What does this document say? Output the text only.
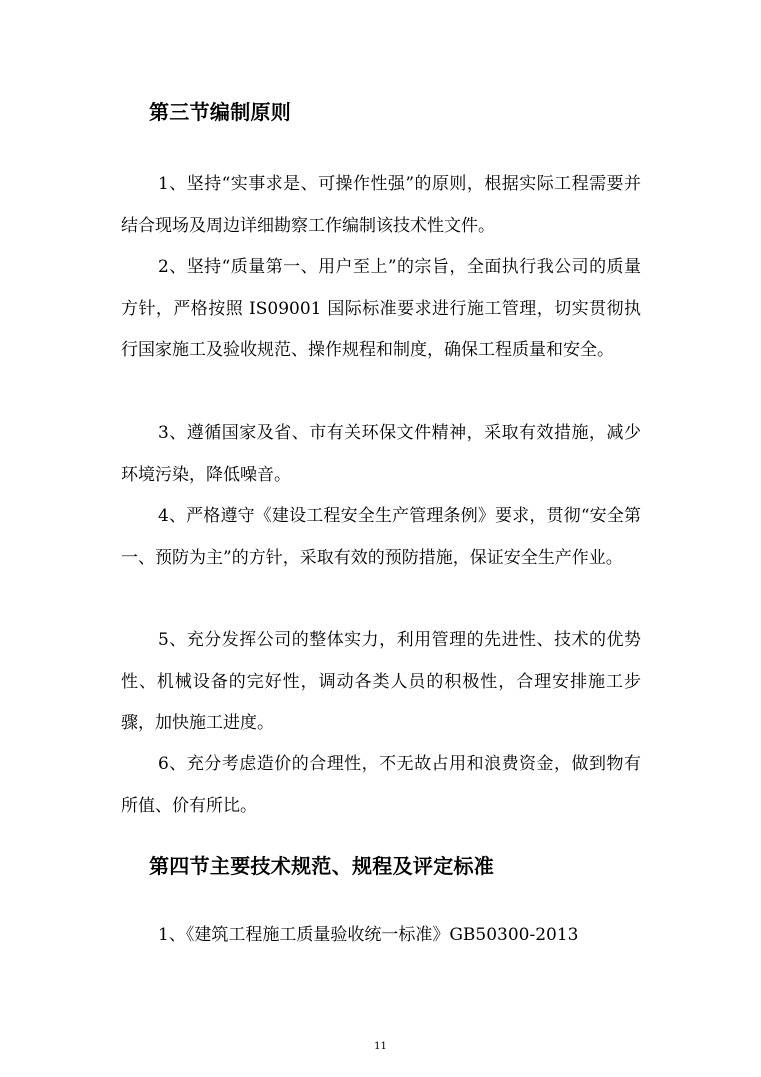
第三节编制原则

1、坚持“实事求是、可操作性强”的原则，根据实际工程需要并结合现场及周边详细勘察工作编制该技术性文件。

2、坚持“质量第一、用户至上”的宗旨，全面执行我公司的质量方针，严格按照 IS09001 国际标准要求进行施工管理，切实贯彻执行国家施工及验收规范、操作规程和制度，确保工程质量和安全。

3、遵循国家及省、市有关环保文件精神，采取有效措施，减少环境污染，降低噪音。

4、严格遵守《建设工程安全生产管理条例》要求，贯彻“安全第一、预防为主”的方针，采取有效的预防措施，保证安全生产作业。

5、充分发挥公司的整体实力，利用管理的先进性、技术的优势性、机械设备的完好性，调动各类人员的积极性，合理安排施工步骤，加快施工进度。

6、充分考虑造价的合理性，不无故占用和浪费资金，做到物有所值、价有所比。

第四节主要技术规范、规程及评定标准

1、《建筑工程施工质量验收统一标准》GB50300-2013

11
